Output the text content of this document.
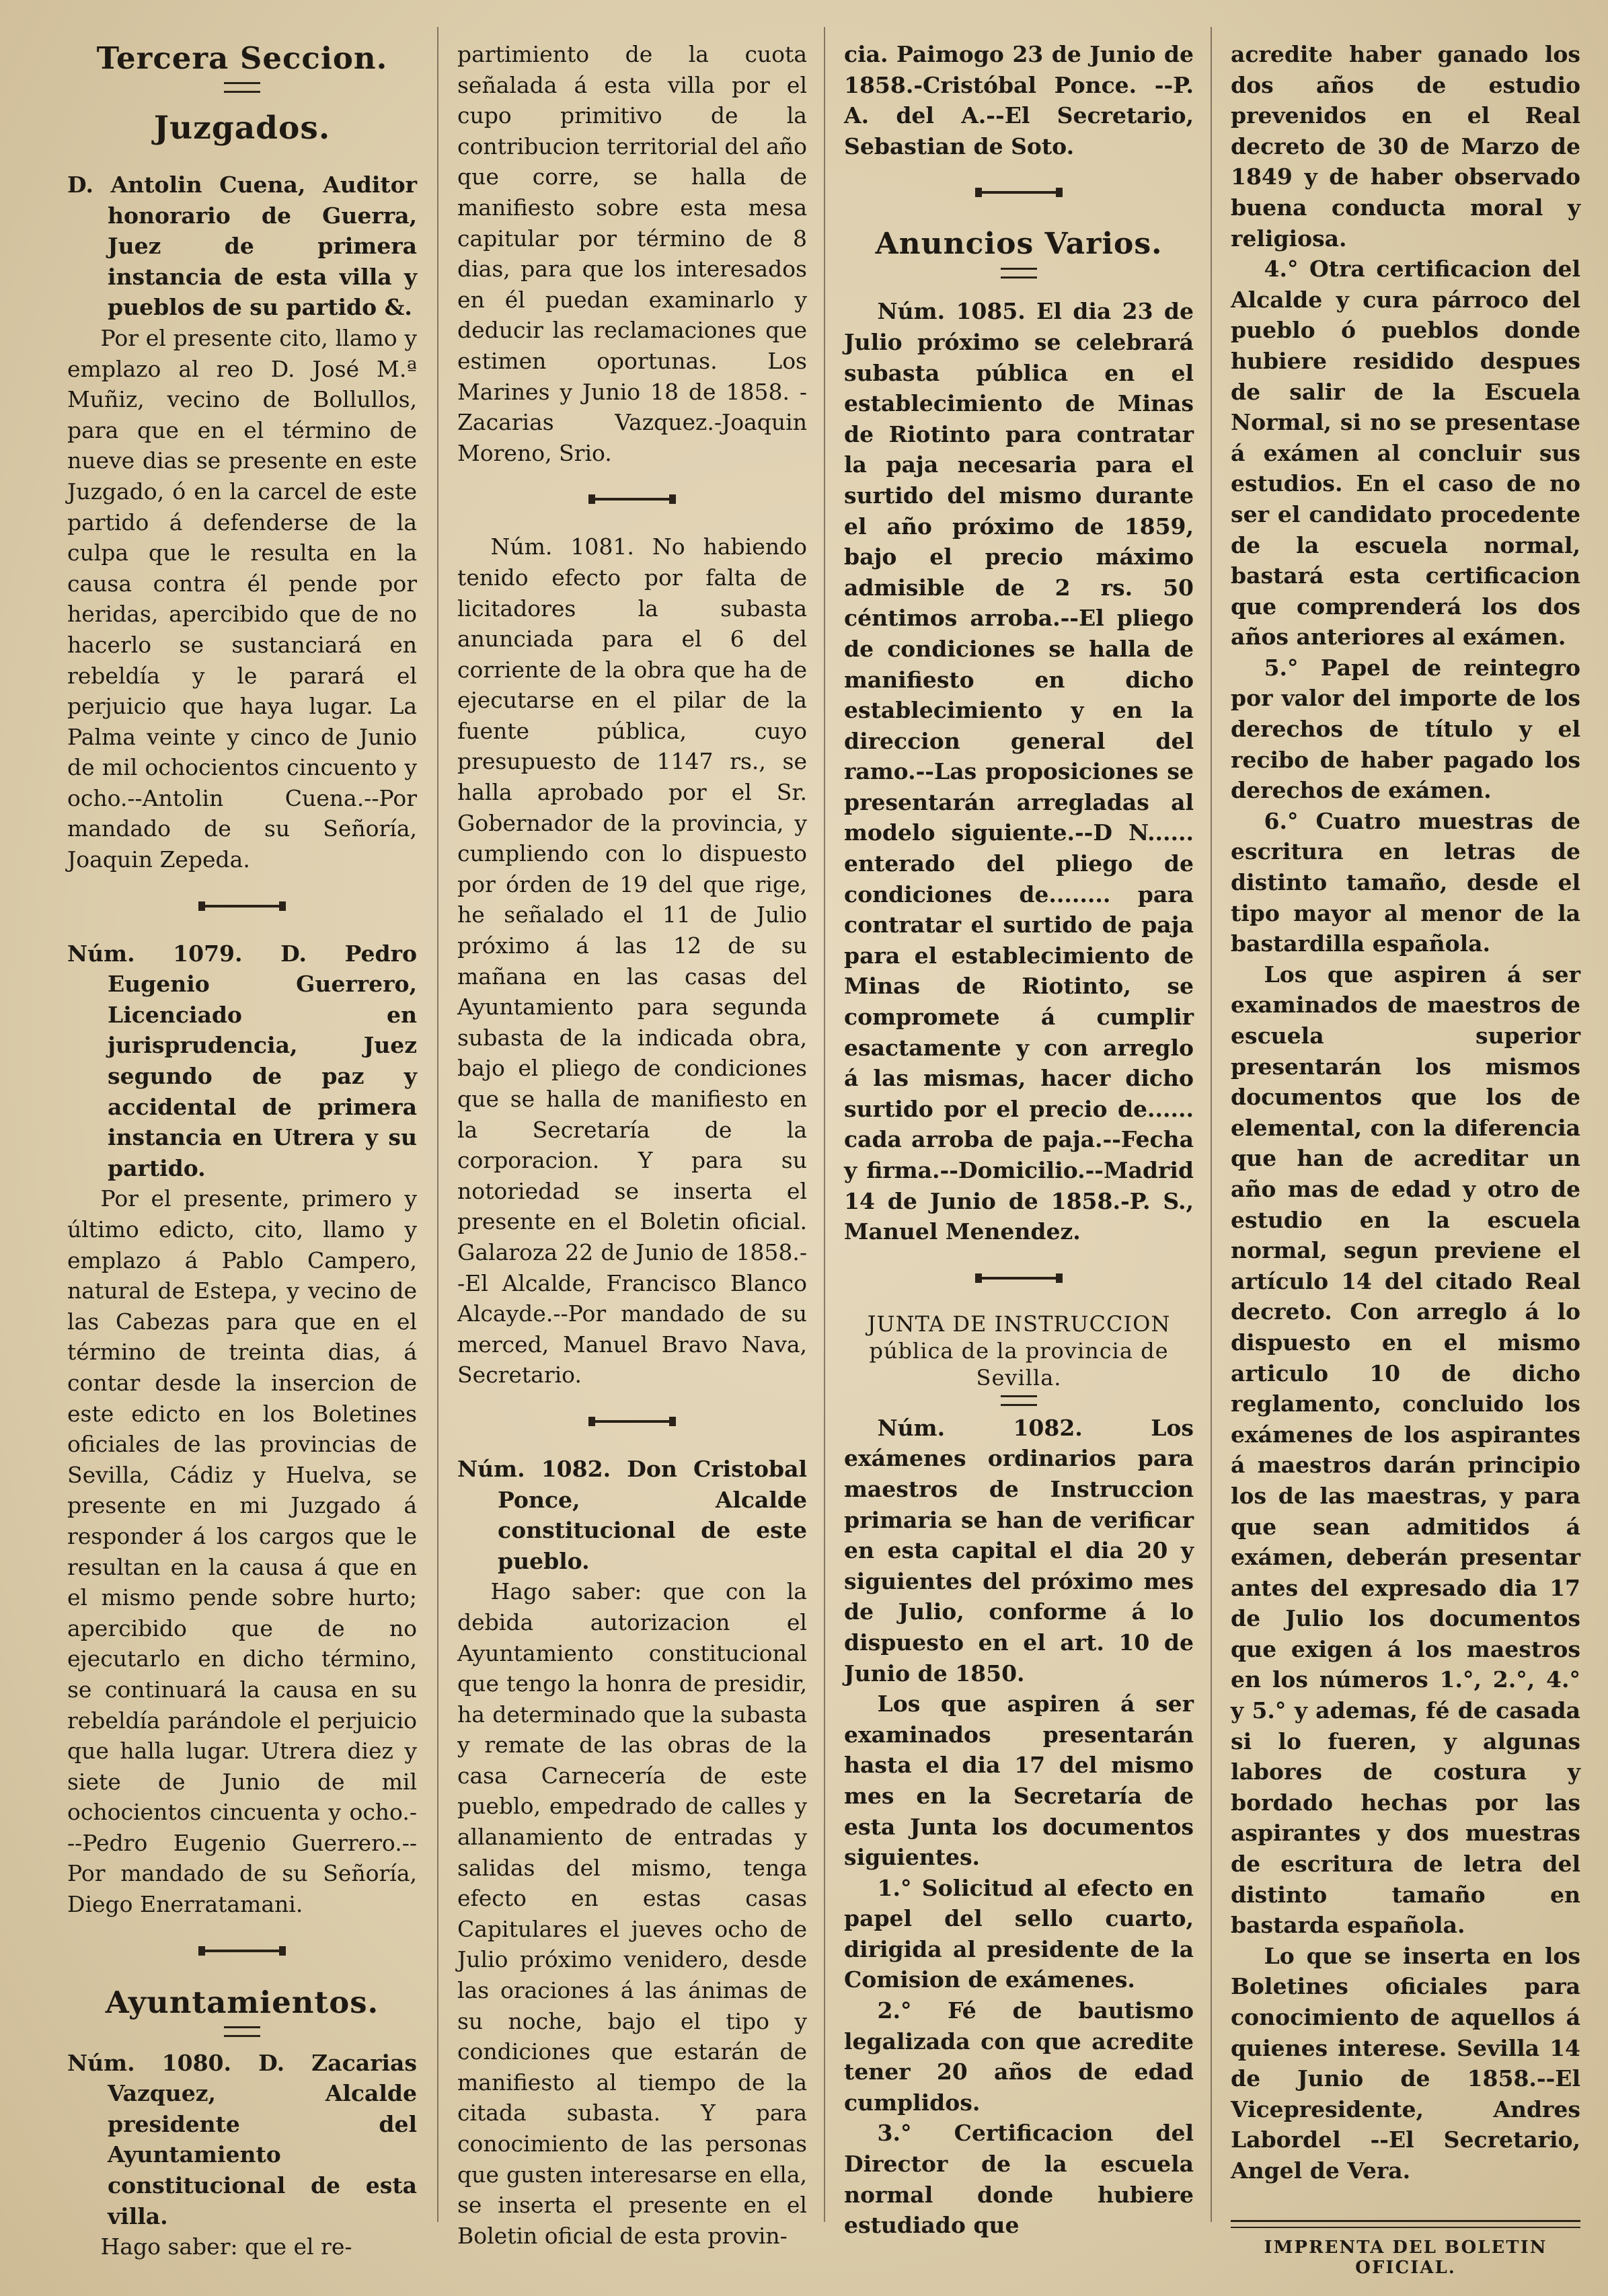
Tercera Seccion.
Juzgados.

D. Antolin Cuena, Auditor honorario de Guerra, Juez de primera instancia de esta villa y pueblos de su partido &.

Por el presente cito, llamo y emplazo al reo D. José M.ª Muñiz, vecino de Bollullos, para que en el término de nueve dias se presente en este Juzgado, ó en la carcel de este partido á defenderse de la culpa que le resulta en la causa contra él pende por heridas, apercibido que de no hacerlo se sustanciará en rebeldía y le parará el perjuicio que haya lugar. La Palma veinte y cinco de Junio de mil ochocientos cincuento y ocho.--Antolin Cuena.--Por mandado de su Señoría, Joaquin Zepeda.

Núm. 1079. D. Pedro Eugenio Guerrero, Licenciado en jurisprudencia, Juez segundo de paz y accidental de primera instancia en Utrera y su partido.

Por el presente, primero y último edicto, cito, llamo y emplazo á Pablo Campero, natural de Estepa, y vecino de las Cabezas para que en el término de treinta dias, á contar desde la insercion de este edicto en los Boletines oficiales de las provincias de Sevilla, Cádiz y Huelva, se presente en mi Juzgado á responder á los cargos que le resultan en la causa á que en el mismo pende sobre hurto; apercibido que de no ejecutarlo en dicho término, se continuará la causa en su rebeldía parándole el perjuicio que halla lugar. Utrera diez y siete de Junio de mil ochocientos cincuenta y ocho.---Pedro Eugenio Guerrero.--Por mandado de su Señoría, Diego Enerratamani.

Ayuntamientos.

Núm. 1080. D. Zacarias Vazquez, Alcalde presidente del Ayuntamiento constitucional de esta villa.

Hago saber: que el re-

partimiento de la cuota señalada á esta villa por el cupo primitivo de la contribucion territorial del año que corre, se halla de manifiesto sobre esta mesa capitular por término de 8 dias, para que los interesados en él puedan examinarlo y deducir las reclamaciones que estimen oportunas. Los Marines y Junio 18 de 1858. -Zacarias Vazquez.-Joaquin Moreno, Srio.

Núm. 1081. No habiendo tenido efecto por falta de licitadores la subasta anunciada para el 6 del corriente de la obra que ha de ejecutarse en el pilar de la fuente pública, cuyo presupuesto de 1147 rs., se halla aprobado por el Sr. Gobernador de la provincia, y cumpliendo con lo dispuesto por órden de 19 del que rige, he señalado el 11 de Julio próximo á las 12 de su mañana en las casas del Ayuntamiento para segunda subasta de la indicada obra, bajo el pliego de condiciones que se halla de manifiesto en la Secretaría de la corporacion. Y para su notoriedad se inserta el presente en el Boletin oficial. Galaroza 22 de Junio de 1858.--El Alcalde, Francisco Blanco Alcayde.--Por mandado de su merced, Manuel Bravo Nava, Secretario.

Núm. 1082. Don Cristobal Ponce, Alcalde constitucional de este pueblo.

Hago saber: que con la debida autorizacion el Ayuntamiento constitucional que tengo la honra de presidir, ha determinado que la subasta y remate de las obras de la casa Carnecería de este pueblo, empedrado de calles y allanamiento de entradas y salidas del mismo, tenga efecto en estas casas Capitulares el jueves ocho de Julio próximo venidero, desde las oraciones á las ánimas de su noche, bajo el tipo y condiciones que estarán de manifiesto al tiempo de la citada subasta. Y para conocimiento de las personas que gusten interesarse en ella, se inserta el presente en el Boletin oficial de esta provin-

cia. Paimogo 23 de Junio de 1858.-Cristóbal Ponce. --P. A. del A.--El Secretario, Sebastian de Soto.

Anuncios Varios.

Núm. 1085. El dia 23 de Julio próximo se celebrará subasta pública en el establecimiento de Minas de Riotinto para contratar la paja necesaria para el surtido del mismo durante el año próximo de 1859, bajo el precio máximo admisible de 2 rs. 50 céntimos arroba.--El pliego de condiciones se halla de manifiesto en dicho establecimiento y en la direccion general del ramo.--Las proposiciones se presentarán arregladas al modelo siguiente.--D N...... enterado del pliego de condiciones de........ para contratar el surtido de paja para el establecimiento de Minas de Riotinto, se compromete á cumplir esactamente y con arreglo á las mismas, hacer dicho surtido por el precio de...... cada arroba de paja.--Fecha y firma.--Domicilio.--Madrid 14 de Junio de 1858.-P. S., Manuel Menendez.

JUNTA DE INSTRUCCION
pública de la provincia de Sevilla.

Núm. 1082. Los exámenes ordinarios para maestros de Instruccion primaria se han de verificar en esta capital el dia 20 y siguientes del próximo mes de Julio, conforme á lo dispuesto en el art. 10 de Junio de 1850.

Los que aspiren á ser examinados presentarán hasta el dia 17 del mismo mes en la Secretaría de esta Junta los documentos siguientes.

1.° Solicitud al efecto en papel del sello cuarto, dirigida al presidente de la Comision de exámenes.

2.° Fé de bautismo legalizada con que acredite tener 20 años de edad cumplidos.

3.° Certificacion del Director de la escuela normal donde hubiere estudiado que

acredite haber ganado los dos años de estudio prevenidos en el Real decreto de 30 de Marzo de 1849 y de haber observado buena conducta moral y religiosa.

4.° Otra certificacion del Alcalde y cura párroco del pueblo ó pueblos donde hubiere residido despues de salir de la Escuela Normal, si no se presentase á exámen al concluir sus estudios. En el caso de no ser el candidato procedente de la escuela normal, bastará esta certificacion que comprenderá los dos años anteriores al exámen.

5.° Papel de reintegro por valor del importe de los derechos de título y el recibo de haber pagado los derechos de exámen.

6.° Cuatro muestras de escritura en letras de distinto tamaño, desde el tipo mayor al menor de la bastardilla española.

Los que aspiren á ser examinados de maestros de escuela superior presentarán los mismos documentos que los de elemental, con la diferencia que han de acreditar un año mas de edad y otro de estudio en la escuela normal, segun previene el artículo 14 del citado Real decreto. Con arreglo á lo dispuesto en el mismo articulo 10 de dicho reglamento, concluido los exámenes de los aspirantes á maestros darán principio los de las maestras, y para que sean admitidos á exámen, deberán presentar antes del expresado dia 17 de Julio los documentos que exigen á los maestros en los números 1.°, 2.°, 4.° y 5.° y ademas, fé de casada si lo fueren, y algunas labores de costura y bordado hechas por las aspirantes y dos muestras de escritura de letra del distinto tamaño en bastarda española.

Lo que se inserta en los Boletines oficiales para conocimiento de aquellos á quienes interese. Sevilla 14 de Junio de 1858.--El Vicepresidente, Andres Labordel --El Secretario, Angel de Vera.

IMPRENTA DEL BOLETIN OFICIAL.
